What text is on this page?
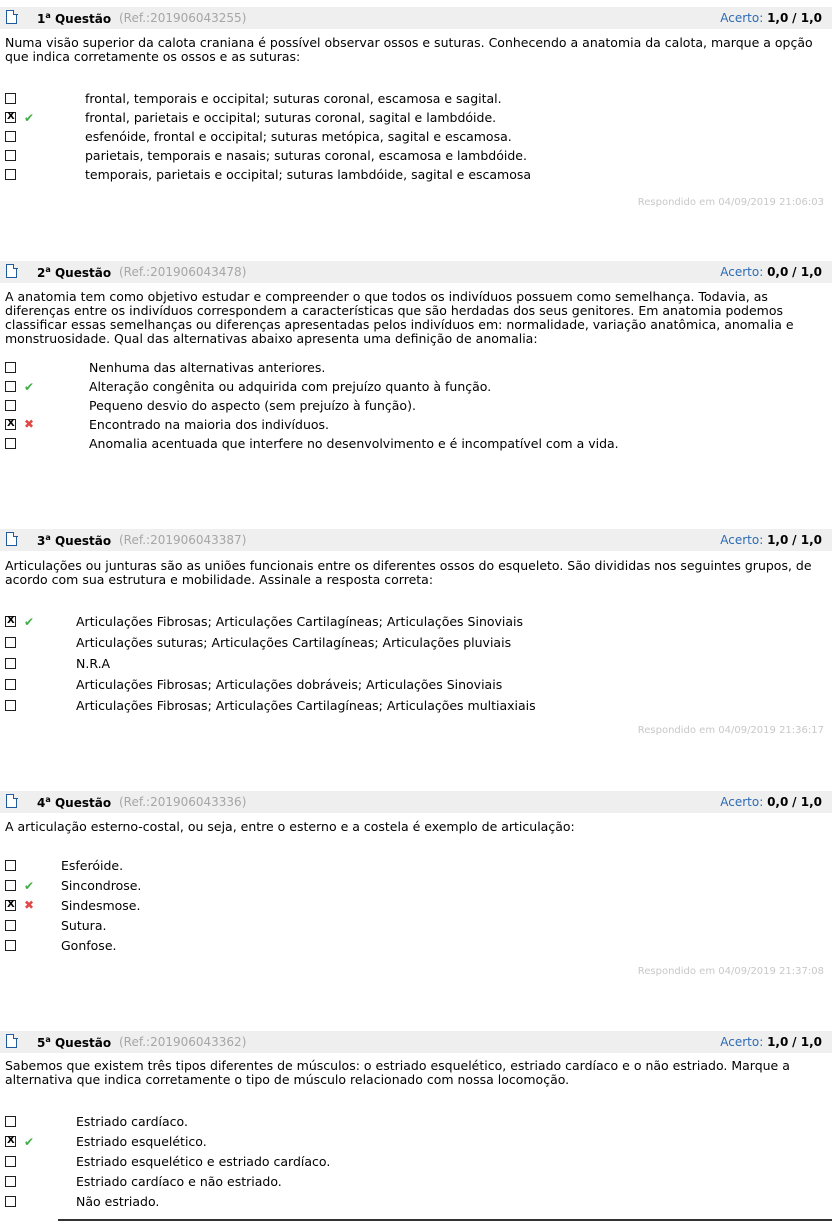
1$^a$ Questão (Ref.:201906043255)	Acerto: 1,0 / 1,0
Numa visão superior da calota craniana é possível observar ossos e suturas. Conhecendo a anatomia da calota, marque a opção que indica corretamente os ossos e as suturas:
frontal, temporais e occipital; suturas coronal, escamosa e sagital.
X
✔	frontal, parietais e occipital; suturas coronal, sagital e lambdóide.
esfenóide, frontal e occipital; suturas metópica, sagital e escamosa.
parietais, temporais e nasais; suturas coronal, escamosa e lambdóide.
temporais, parietais e occipital; suturas lambdóide, sagital e escamosa
Respondido em 04/09/2019 21:06:03
2$^a$ Questão (Ref.:201906043478)	Acerto: 0,0 / 1,0
A anatomia tem como objetivo estudar e compreender o que todos os indivíduos possuem como semelhança. Todavia, as diferenças entre os indivíduos correspondem a características que são herdadas dos seus genitores. Em anatomia podemos classificar essas semelhanças ou diferenças apresentadas pelos indivíduos em: normalidade, variação anatômica, anomalia e monstruosidade. Qual das alternativas abaixo apresenta uma definição de anomalia:
Nenhuma das alternativas anteriores.
✔	Alteração congênita ou adquirida com prejuízo quanto à função.
Pequeno desvio do aspecto (sem prejuízo à função).
X
✖	Encontrado na maioria dos indivíduos.
Anomalia acentuada que interfere no desenvolvimento e é incompatível com a vida.
3$^a$ Questão (Ref.:201906043387)	Acerto: 1,0 / 1,0
Articulações ou junturas são as uniões funcionais entre os diferentes ossos do esqueleto. São divididas nos seguintes grupos, de acordo com sua estrutura e mobilidade. Assinale a resposta correta:
X
✔	Articulações Fibrosas; Articulações Cartilagíneas; Articulações Sinoviais
Articulações suturas; Articulações Cartilagíneas; Articulações pluviais
N.R.A
Articulações Fibrosas; Articulações dobráveis; Articulações Sinoviais
Articulações Fibrosas; Articulações Cartilagíneas; Articulações multiaxiais
Respondido em 04/09/2019 21:36:17
4$^a$ Questão (Ref.:201906043336)	Acerto: 0,0 / 1,0
A articulação esterno-costal, ou seja, entre o esterno e a costela é exemplo de articulação:
Esferóide.
✔ Sincondrose.
X
✖ Sindesmose.
Sutura.
Gonfose.
Respondido em 04/09/2019 21:37:08
5$^a$ Questão (Ref.:201906043362)	Acerto: 1,0 / 1,0
Sabemos que existem três tipos diferentes de músculos: o estriado esquelético, estriado cardíaco e o não estriado. Marque a alternativa que indica corretamente o tipo de músculo relacionado com nossa locomoção.
Estriado cardíaco.
X
✔	Estriado esquelético.
Estriado esquelético e estriado cardíaco.
Estriado cardíaco e não estriado.
Não estriado.
